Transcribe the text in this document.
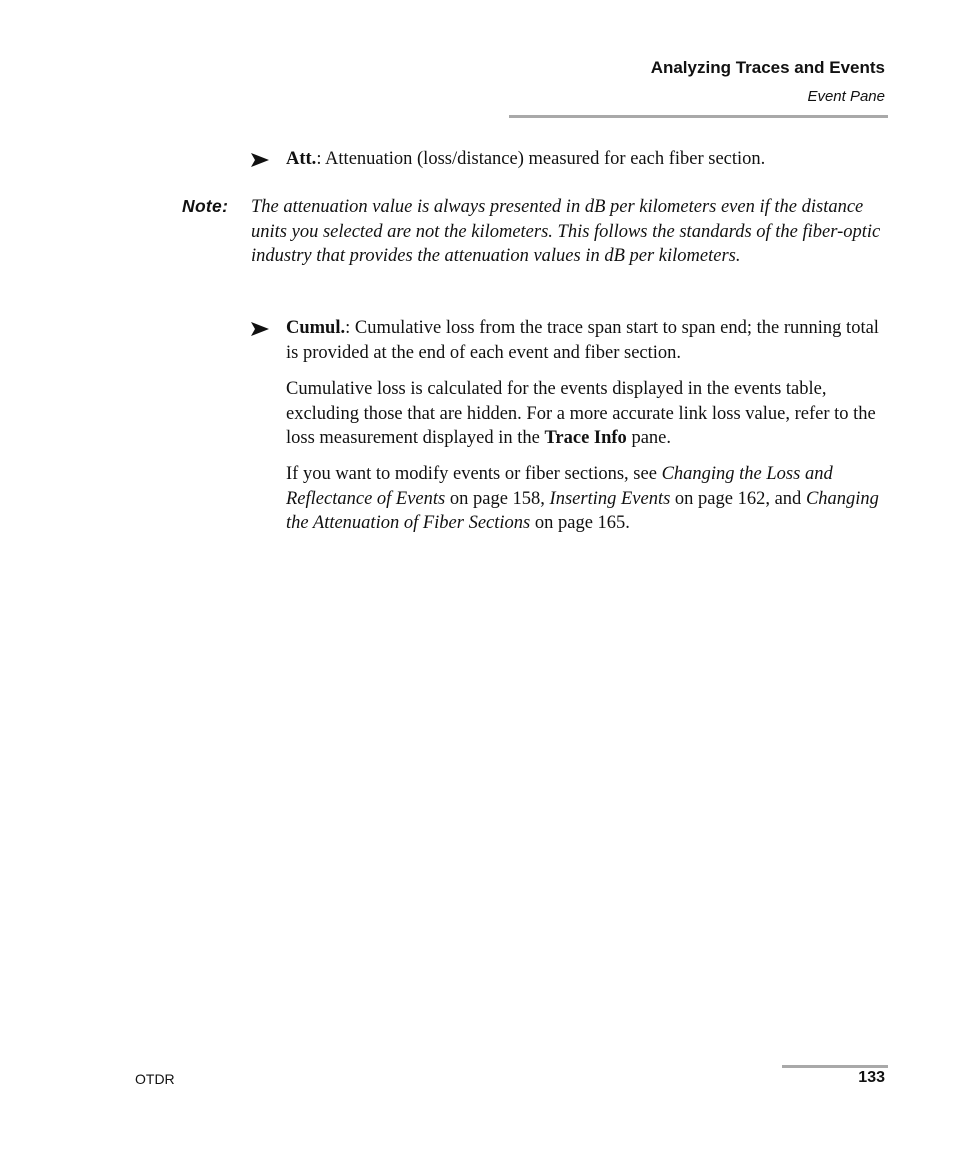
Analyzing Traces and Events
Event Pane
Att.: Attenuation (loss/distance) measured for each fiber section.
Note: The attenuation value is always presented in dB per kilometers even if the distance units you selected are not the kilometers. This follows the standards of the fiber-optic industry that provides the attenuation values in dB per kilometers.
Cumul.: Cumulative loss from the trace span start to span end; the running total is provided at the end of each event and fiber section.
Cumulative loss is calculated for the events displayed in the events table, excluding those that are hidden. For a more accurate link loss value, refer to the loss measurement displayed in the Trace Info pane.
If you want to modify events or fiber sections, see Changing the Loss and Reflectance of Events on page 158, Inserting Events on page 162, and Changing the Attenuation of Fiber Sections on page 165.
OTDR	133
